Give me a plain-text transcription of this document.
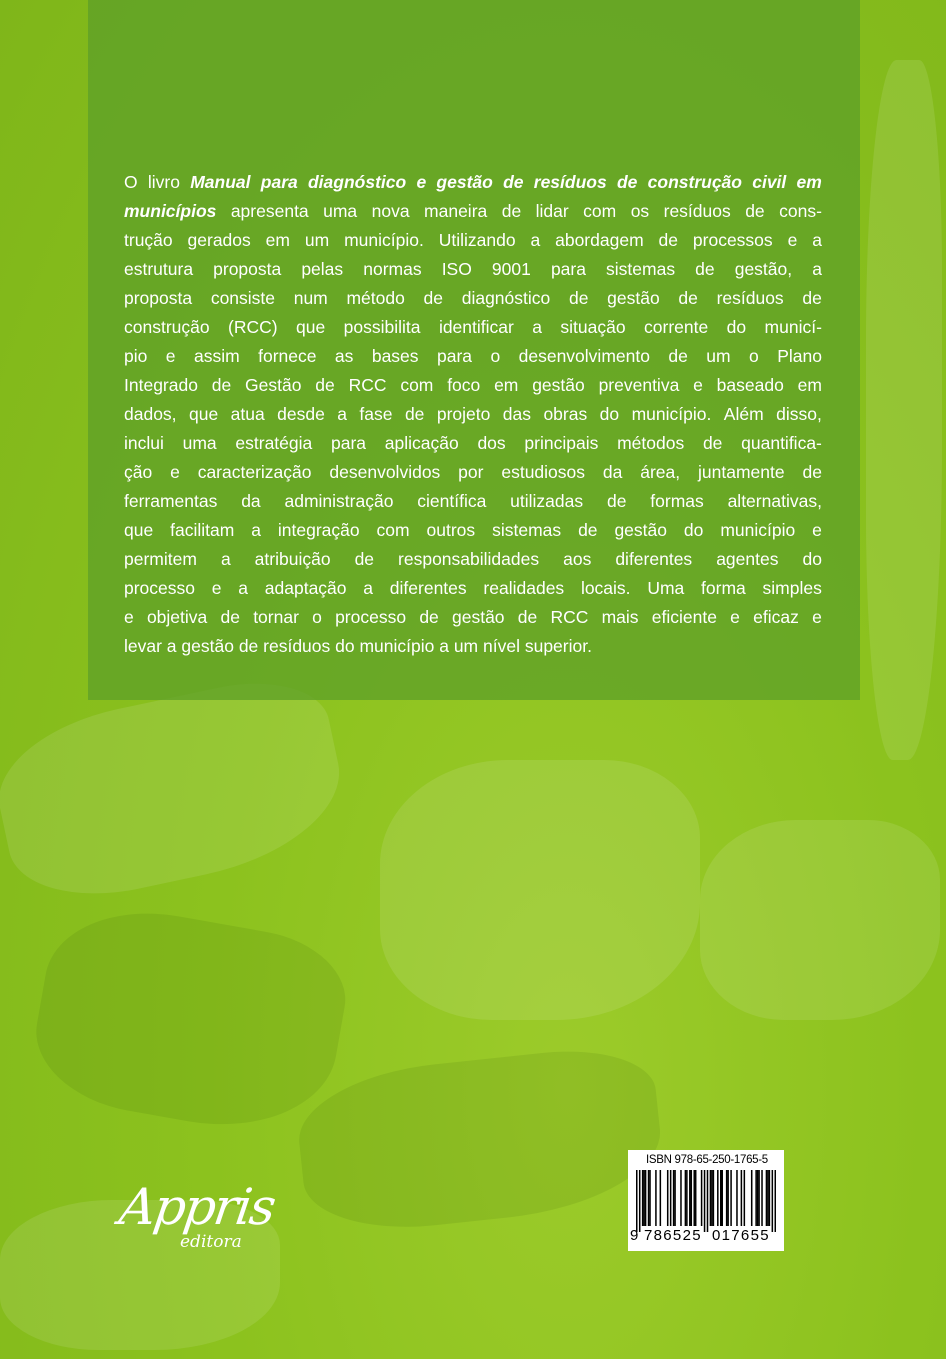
O livro Manual para diagnóstico e gestão de resíduos de construção civil em
municípios apresenta uma nova maneira de lidar com os resíduos de cons-
trução gerados em um município. Utilizando a abordagem de processos e a
estrutura proposta pelas normas ISO 9001 para sistemas de gestão, a
proposta consiste num método de diagnóstico de gestão de resíduos de
construção (RCC) que possibilita identificar a situação corrente do municí-
pio e assim fornece as bases para o desenvolvimento de um o Plano
Integrado de Gestão de RCC com foco em gestão preventiva e baseado em
dados, que atua desde a fase de projeto das obras do município. Além disso,
inclui uma estratégia para aplicação dos principais métodos de quantifica-
ção e caracterização desenvolvidos por estudiosos da área, juntamente de
ferramentas da administração científica utilizadas de formas alternativas,
que facilitam a integração com outros sistemas de gestão do município e
permitem a atribuição de responsabilidades aos diferentes agentes do
processo e a adaptação a diferentes realidades locais. Uma forma simples
e objetiva de tornar o processo de gestão de RCC mais eficiente e eficaz e
levar a gestão de resíduos do município a um nível superior.
Appris
editora
ISBN 978-65-250-1765-5
9 786525 017655
